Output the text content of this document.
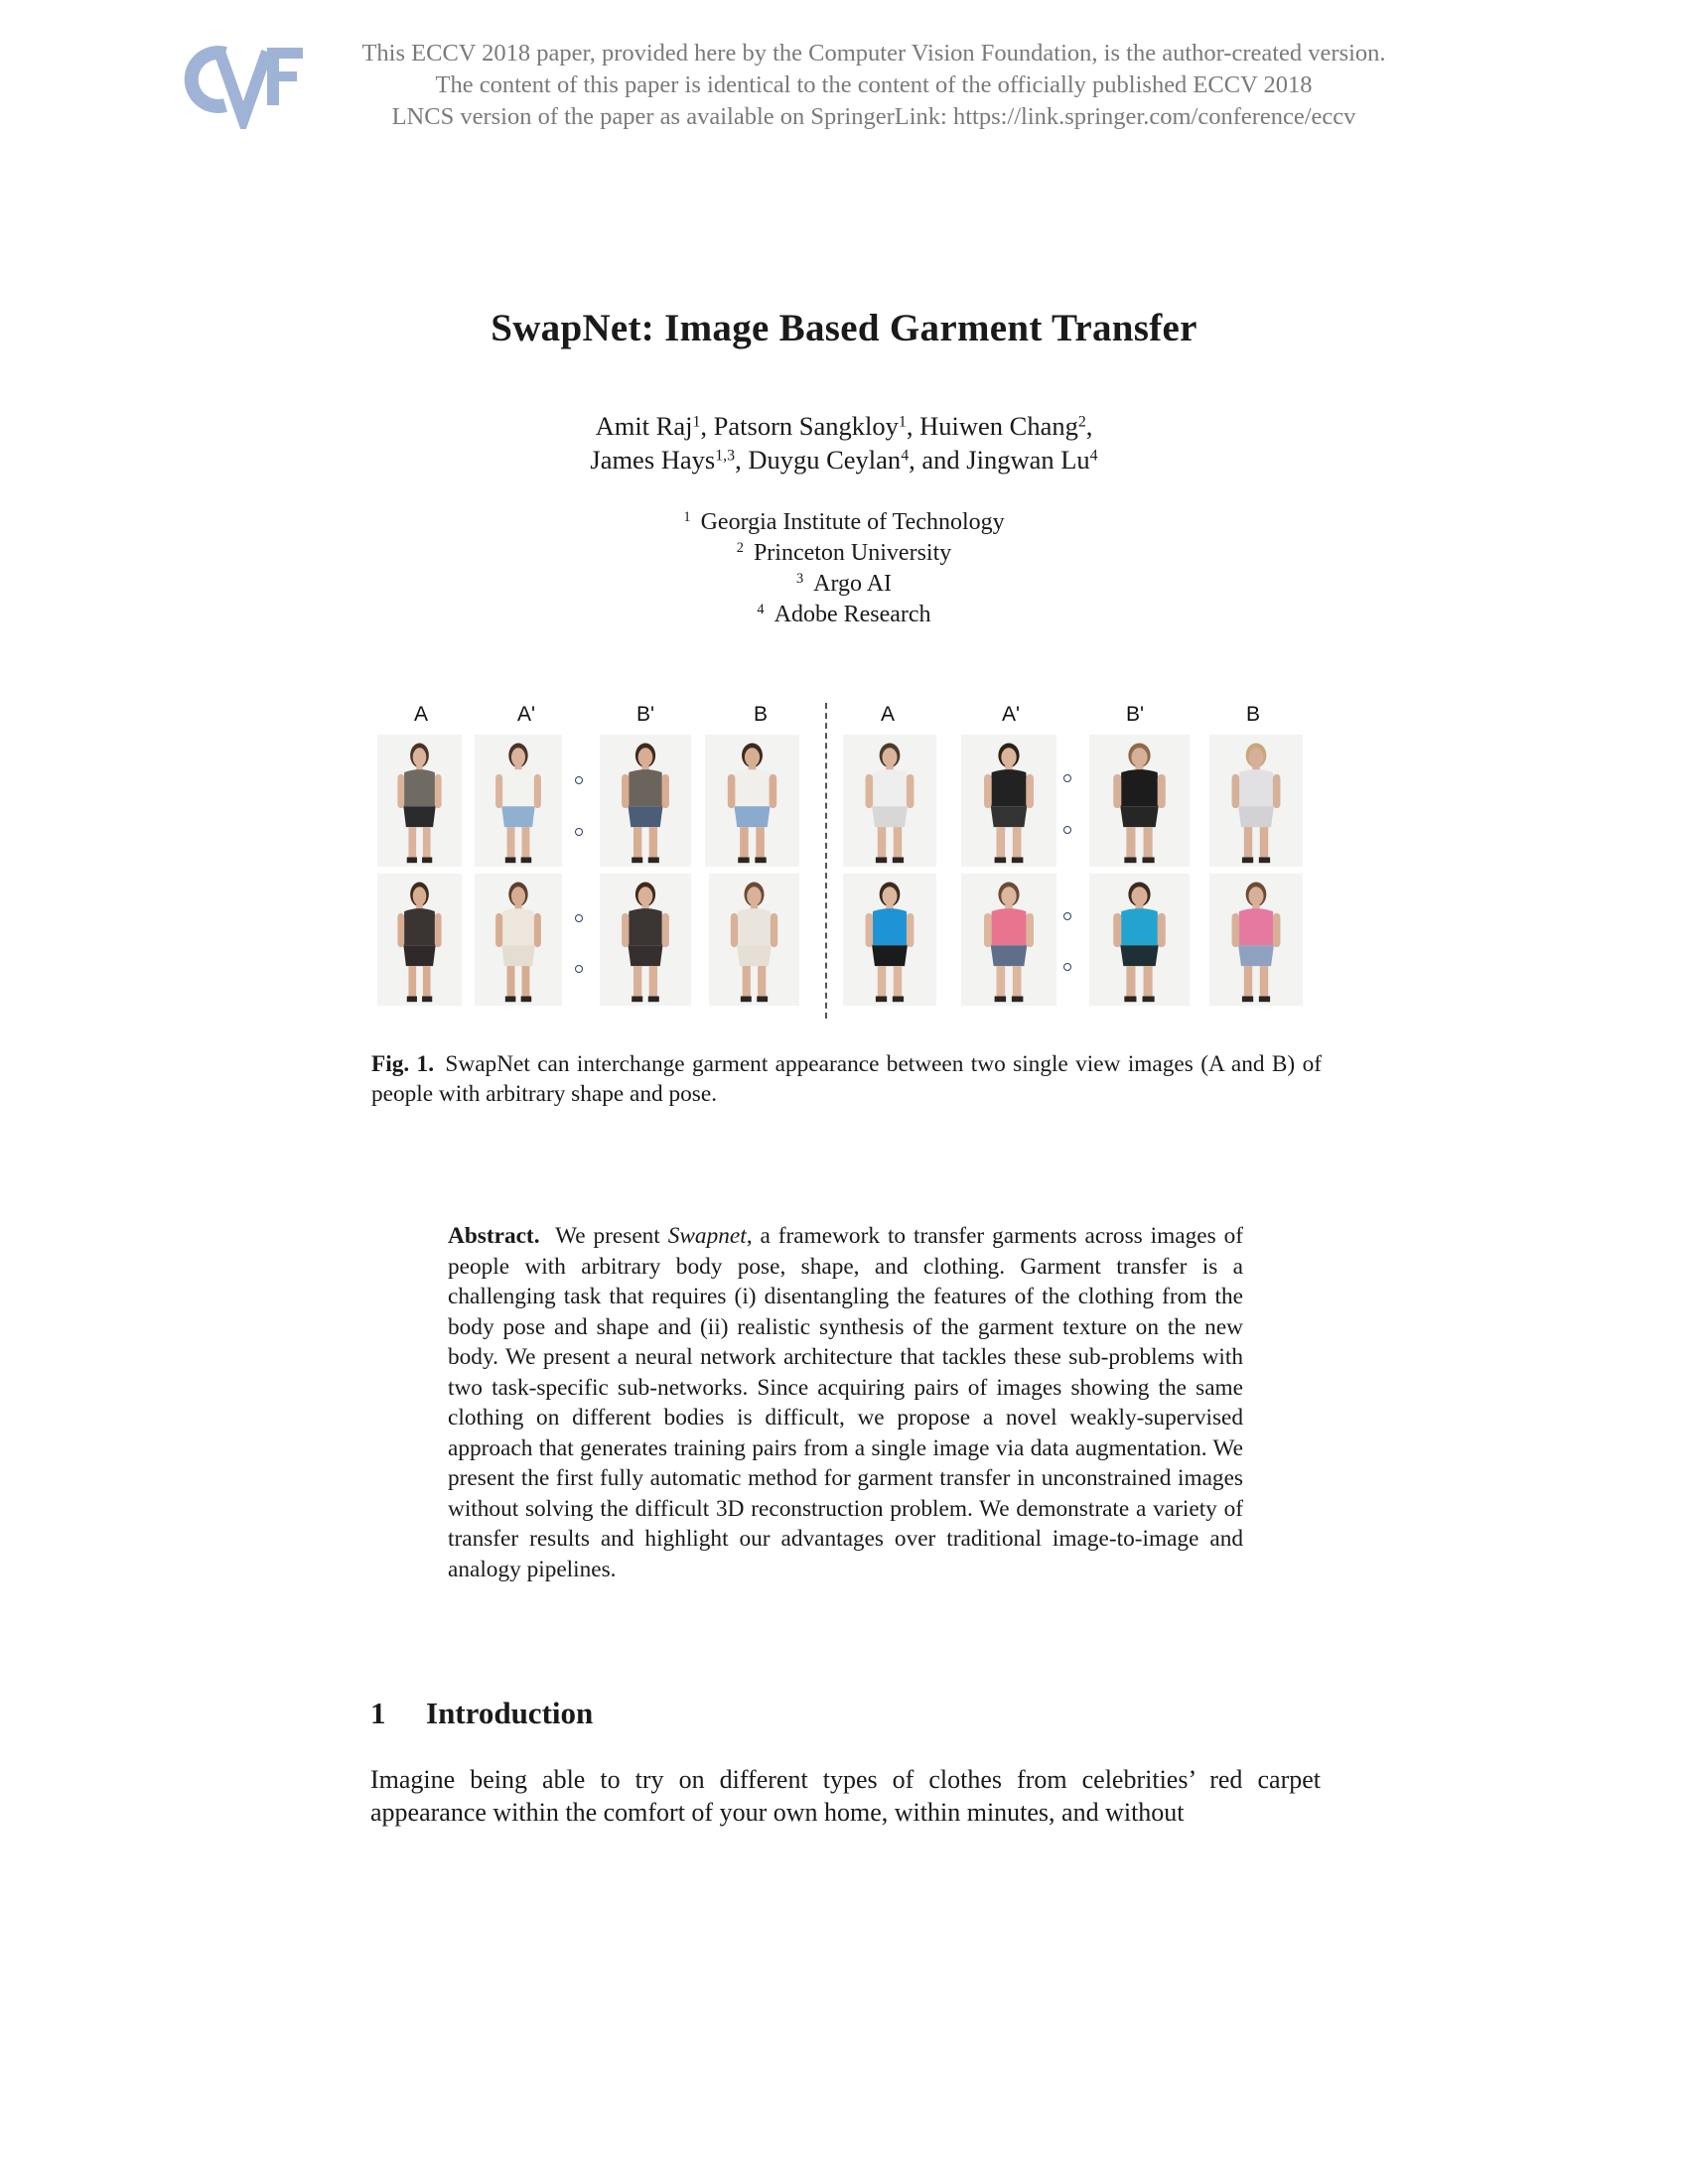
This ECCV 2018 paper, provided here by the Computer Vision Foundation, is the author-created version.
The content of this paper is identical to the content of the officially published ECCV 2018
LNCS version of the paper as available on SpringerLink: https://link.springer.com/conference/eccv
SwapNet: Image Based Garment Transfer
Amit Raj$^1$, Patsorn Sangkloy$^1$, Huiwen Chang$^2$,
James Hays$^{1,3}$, Duygu Ceylan$^4$, and Jingwan Lu$^4$
$^1$ Georgia Institute of Technology
$^2$ Princeton University
$^3$ Argo AI
$^4$ Adobe Research
A	A'	B'	B	A	A'	B'	B
Fig. 1. SwapNet can interchange garment appearance between two single view images (A and B) of people with arbitrary shape and pose.
Abstract. We present Swapnet, a framework to transfer garments across images of people with arbitrary body pose, shape, and clothing. Garment transfer is a challenging task that requires (i) disentangling the features of the clothing from the body pose and shape and (ii) realistic synthesis of the garment texture on the new body. We present a neural network architecture that tackles these sub-problems with two task-specific sub-networks. Since acquiring pairs of images showing the same clothing on different bodies is difficult, we propose a novel weakly-supervised approach that generates training pairs from a single image via data augmentation. We present the first fully automatic method for garment transfer in unconstrained images without solving the difficult 3D reconstruction problem. We demonstrate a variety of transfer results and highlight our advantages over traditional image-to-image and analogy pipelines.
1 Introduction
Imagine being able to try on different types of clothes from celebrities’ red carpet appearance within the comfort of your own home, within minutes, and without
